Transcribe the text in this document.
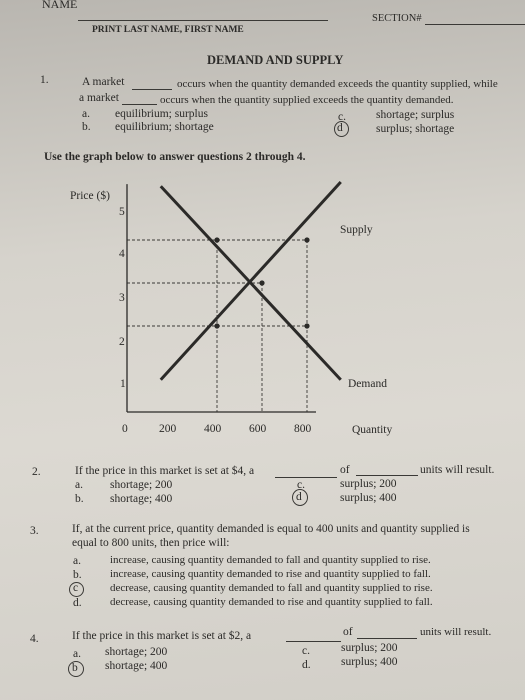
NAME
PRINT LAST NAME, FIRST NAME
SECTION#
DEMAND AND SUPPLY
1.	A market	occurs when the quantity demanded exceeds the quantity supplied, while
a market	occurs when the quantity supplied exceeds the quantity demanded.
a. equilibrium; surplus
b. equilibrium; shortage
c.	shortage; surplus
d	surplus; shortage
Use the graph below to answer questions 2 through 4.
Price ($)
5
4
3
2
1
0	200 400 600 800	Quantity
Supply
Demand
2.	If the price in this market is set at $4, a	of	units will result.
a. shortage; 200
b. shortage; 400
c.	surplus; 200
d	surplus; 400
3.	If, at the current price, quantity demanded is equal to 400 units and quantity supplied is
equal to 800 units, then price will:
a.	increase, causing quantity demanded to fall and quantity supplied to rise.
b.	increase, causing quantity demanded to rise and quantity supplied to fall.
c	decrease, causing quantity demanded to fall and quantity supplied to rise.
d.	decrease, causing quantity demanded to rise and quantity supplied to fall.
4.	If the price in this market is set at $2, a	of	units will result.
a. shortage; 200
b shortage; 400
c.	surplus; 200
d.	surplus; 400
